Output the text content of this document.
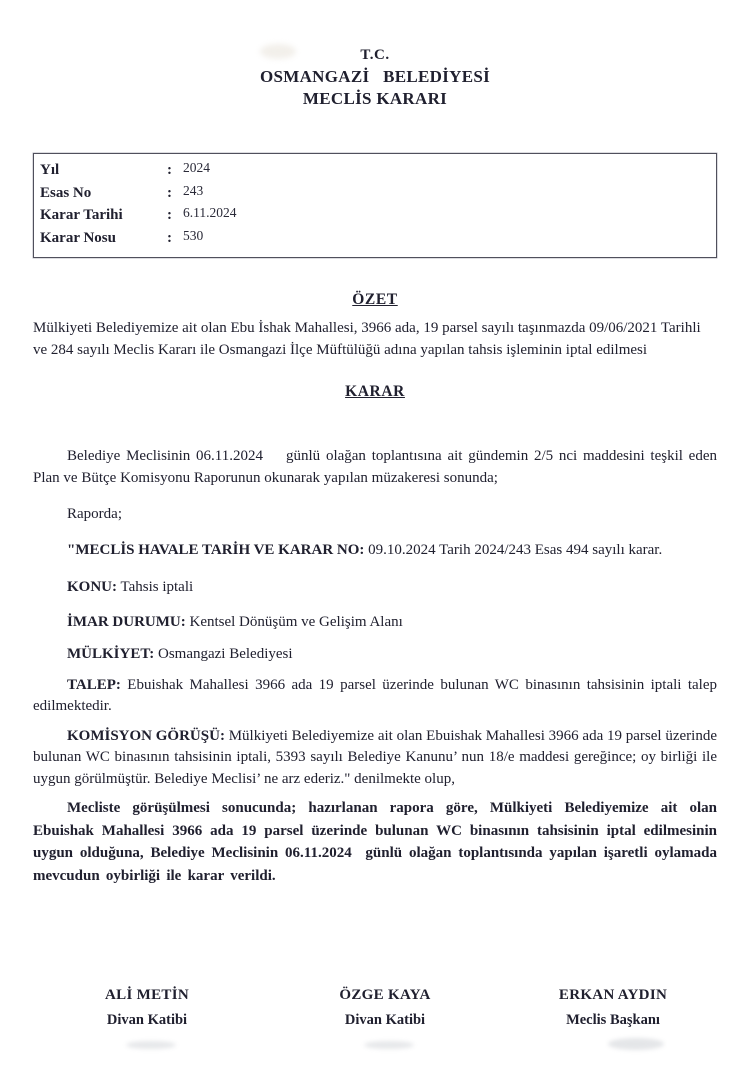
T.C.
OSMANGAZİ   BELEDİYESİ
MECLİS KARARI
Yıl	: 2024
Esas No	: 243
Karar Tarihi	: 6.11.2024
Karar Nosu	: 530
ÖZET

Mülkiyeti Belediyemize ait olan Ebu İshak Mahallesi, 3966 ada, 19 parsel sayılı taşınmazda 09/06/2021 Tarihli ve 284 sayılı Meclis Kararı ile Osmangazi İlçe Müftülüğü adına yapılan tahsis işleminin iptal edilmesi

KARAR

Belediye Meclisinin 06.11.2024    günlü olağan toplantısına ait gündemin 2/5 nci maddesini teşkil eden Plan ve Bütçe Komisyonu Raporunun okunarak yapılan müzakeresi sonunda;

Raporda;

"MECLİS HAVALE TARİH VE KARAR NO: 09.10.2024 Tarih 2024/243 Esas 494 sayılı karar.

KONU: Tahsis iptali

İMAR DURUMU: Kentsel Dönüşüm ve Gelişim Alanı

MÜLKİYET: Osmangazi Belediyesi

TALEP: Ebuishak Mahallesi 3966 ada 19 parsel üzerinde bulunan WC binasının tahsisinin iptali talep edilmektedir.

KOMİSYON GÖRÜŞÜ: Mülkiyeti Belediyemize ait olan Ebuishak Mahallesi 3966 ada 19 parsel üzerinde bulunan WC binasının tahsisinin iptali, 5393 sayılı Belediye Kanunu’ nun 18/e maddesi gereğince; oy birliği ile uygun görülmüştür. Belediye Meclisi’ ne arz ederiz." denilmekte olup,

Mecliste görüşülmesi sonucunda; hazırlanan rapora göre, Mülkiyeti Belediyemize ait olan Ebuishak Mahallesi 3966 ada 19 parsel üzerinde bulunan WC binasının tahsisinin iptal edilmesinin uygun olduğuna, Belediye Meclisinin 06.11.2024  günlü olağan toplantısında yapılan işaretli oylamada mevcudun oybirliği ile karar verildi.

ALİ METİN
Divan Katibi
ÖZGE KAYA
Divan Katibi
ERKAN AYDIN
Meclis Başkanı
